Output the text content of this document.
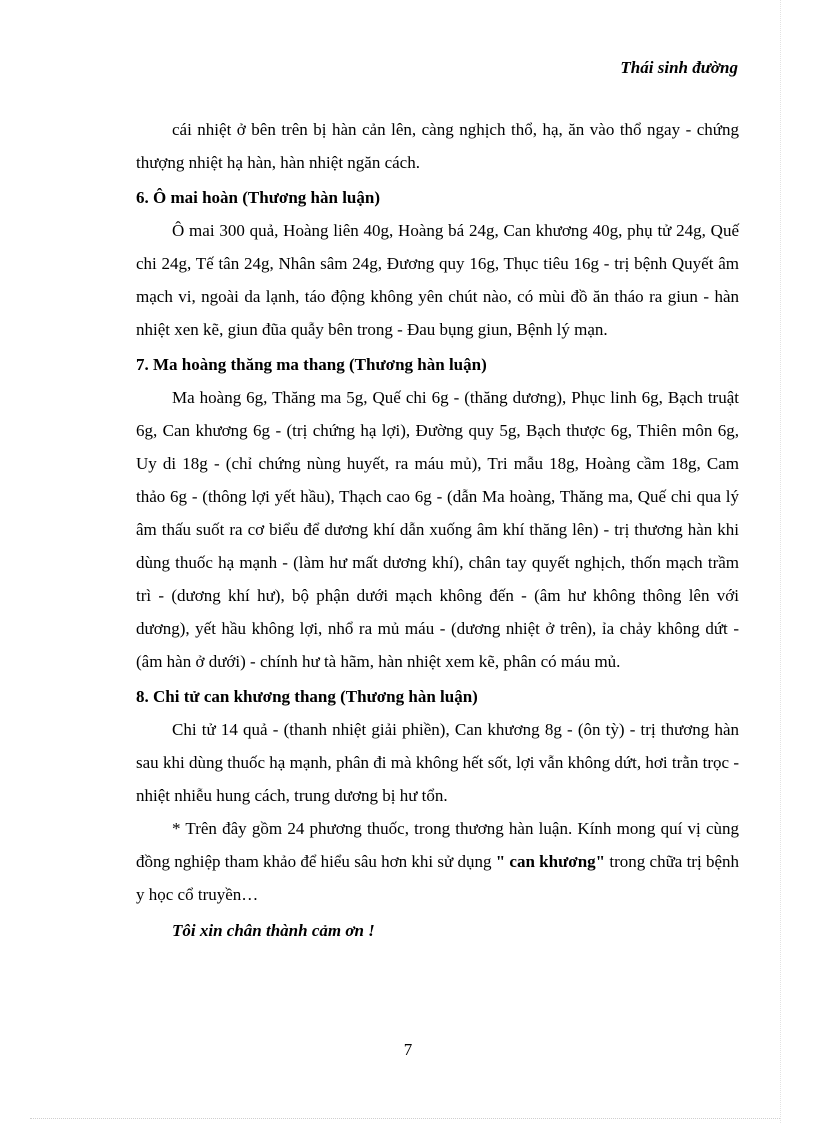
Thái sinh đường

cái nhiệt ở bên trên bị hàn cản lên, càng nghịch thổ, hạ, ăn vào thổ ngay - chứng thượng nhiệt hạ hàn, hàn nhiệt ngăn cách.

6. Ô mai hoàn (Thương hàn luận)

Ô mai 300 quả, Hoàng liên 40g, Hoàng bá 24g, Can khương 40g, phụ tử 24g, Quế chi 24g, Tế tân 24g, Nhân sâm 24g, Đương quy 16g, Thục tiêu 16g - trị bệnh Quyết âm mạch vi, ngoài da lạnh, táo động không yên chút nào, có mùi đồ ăn tháo ra giun - hàn nhiệt xen kẽ, giun đũa quẫy bên trong - Đau bụng giun, Bệnh lý mạn.

7. Ma hoàng thăng ma thang (Thương hàn luận)

Ma hoàng 6g, Thăng ma 5g, Quế chi 6g - (thăng dương), Phục linh 6g, Bạch truật 6g, Can khương 6g - (trị chứng hạ lợi), Đường quy 5g, Bạch thược 6g, Thiên môn 6g, Uy di 18g - (chỉ chứng nùng huyết, ra máu mủ), Tri mẫu 18g, Hoàng cầm 18g, Cam thảo 6g - (thông lợi yết hầu), Thạch cao 6g - (dẫn Ma hoàng, Thăng ma, Quế chi qua lý âm thấu suốt ra cơ biểu để dương khí dẫn xuống âm khí thăng lên) - trị thương hàn khi dùng thuốc hạ mạnh - (làm hư mất dương khí), chân tay quyết nghịch, thốn mạch trầm trì - (dương khí hư), bộ phận dưới mạch không đến - (âm hư không thông lên với dương), yết hầu không lợi, nhổ ra mủ máu - (dương nhiệt ở trên), ỉa chảy không dứt - (âm hàn ở dưới) - chính hư tà hãm, hàn nhiệt xem kẽ, phân có máu mủ.

8. Chi tử can khương thang (Thương hàn luận)

Chi tử 14 quả - (thanh nhiệt giải phiền), Can khương 8g - (ôn tỳ) - trị thương hàn sau khi dùng thuốc hạ mạnh, phân đi mà không hết sốt, lợi vẫn không dứt, hơi trằn trọc - nhiệt nhiễu hung cách, trung dương bị hư tổn.

* Trên đây gồm 24 phương thuốc, trong thương hàn luận. Kính mong quí vị cùng đồng nghiệp tham khảo để hiểu sâu hơn khi sử dụng " can khương" trong chữa trị bệnh y học cổ truyền…

Tôi xin chân thành cảm ơn !

7
